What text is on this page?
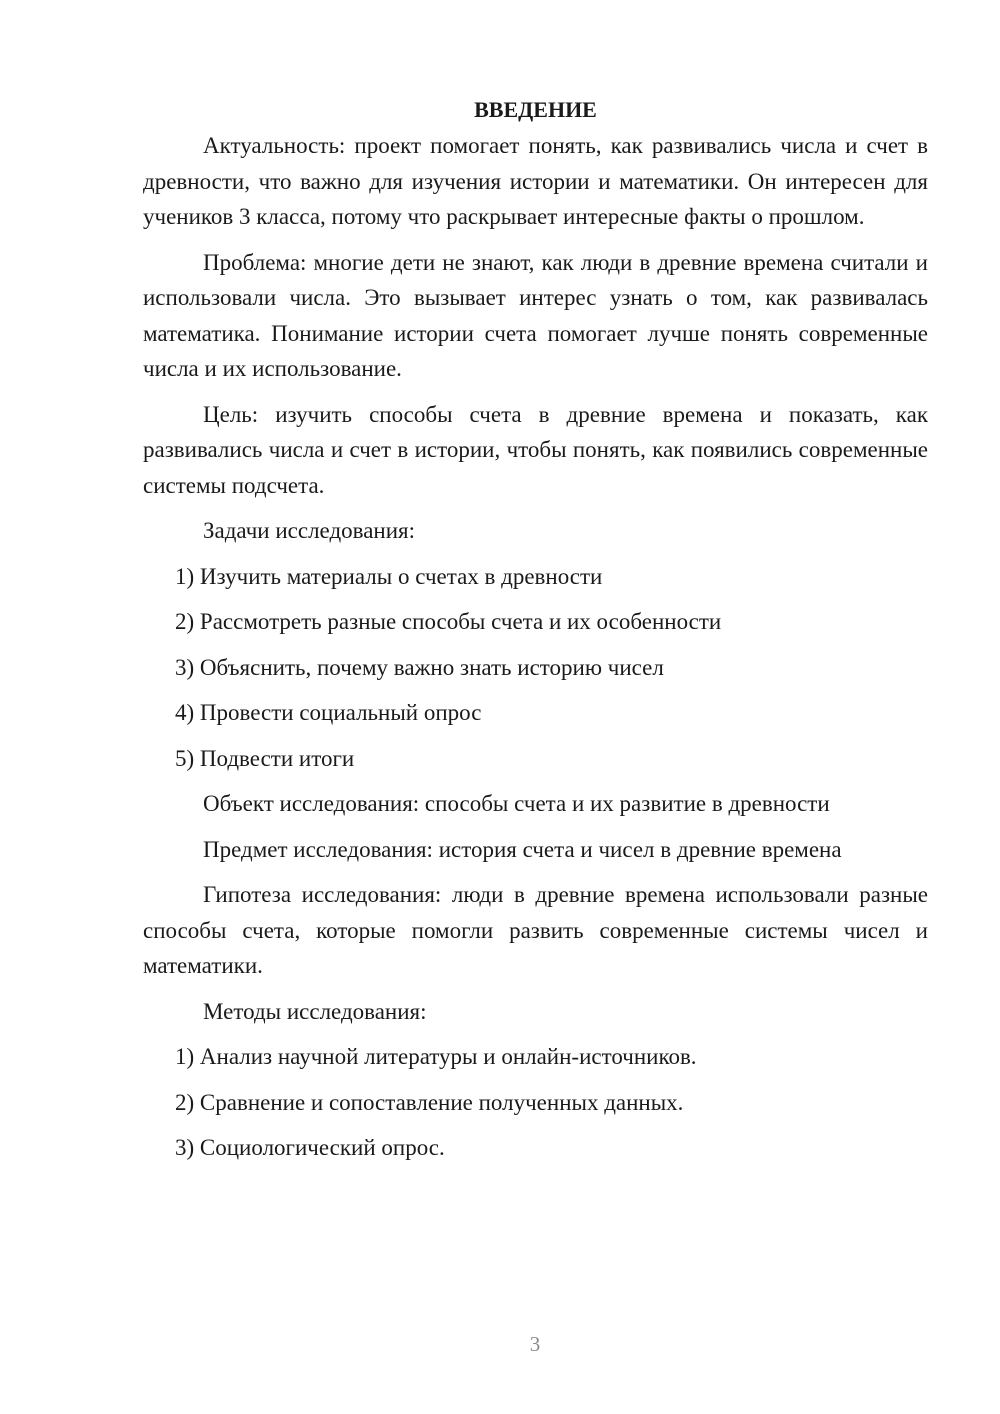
ВВЕДЕНИЕ
Актуальность: проект помогает понять, как развивались числа и счет в древности, что важно для изучения истории и математики. Он интересен для учеников 3 класса, потому что раскрывает интересные факты о прошлом.
Проблема: многие дети не знают, как люди в древние времена считали и использовали числа. Это вызывает интерес узнать о том, как развивалась математика. Понимание истории счета помогает лучше понять современные числа и их использование.
Цель: изучить способы счета в древние времена и показать, как развивались числа и счет в истории, чтобы понять, как появились современные системы подсчета.
Задачи исследования:
1) Изучить материалы о счетах в древности
2) Рассмотреть разные способы счета и их особенности
3) Объяснить, почему важно знать историю чисел
4) Провести социальный опрос
5) Подвести итоги
Объект исследования: способы счета и их развитие в древности
Предмет исследования: история счета и чисел в древние времена
Гипотеза исследования: люди в древние времена использовали разные способы счета, которые помогли развить современные системы чисел и математики.
Методы исследования:
1) Анализ научной литературы и онлайн-источников.
2) Сравнение и сопоставление полученных данных.
3) Социологический опрос.
3
